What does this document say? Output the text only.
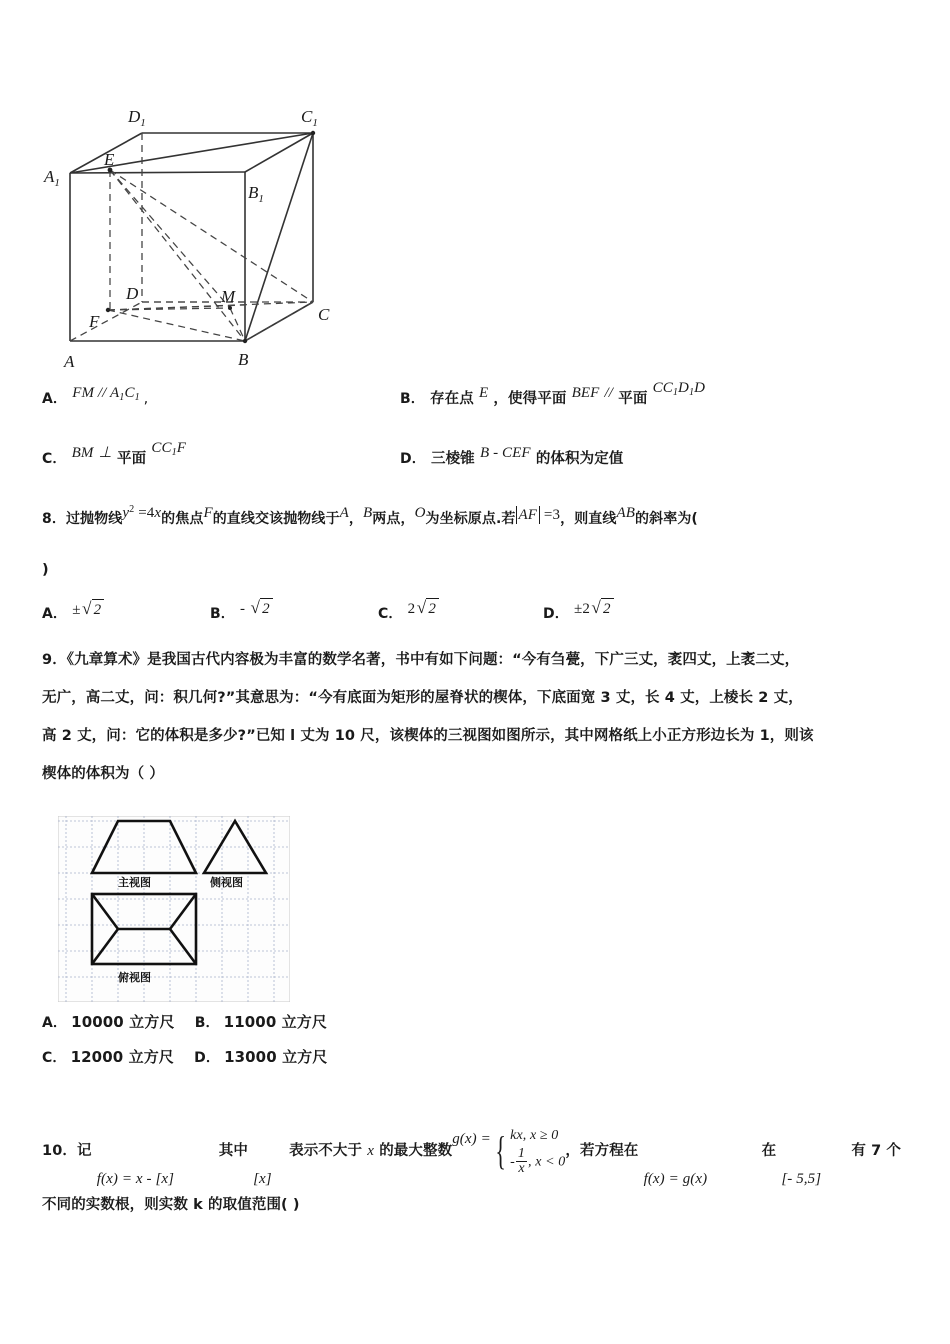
$A_1$	$B_1$
$C_1$
$D_1$
A	B
C
D
E
F
M
A． FM // $A_1C_1$ ,	B． 存在点 E ，使得平面 BEF // 平面 $CC_1D_1D$
C． BM ⊥ 平面 $CC_1F$
D． 三棱锥 B - CEF 的体积为定值
8．过抛物线$y^2 =4x$的焦点F的直线交该抛物线于A，B两点，O为坐标原点.若 AF =3，则直线AB的斜率为(
)
A． ±√ 2	B． - √ 2	C． 2√ 2	D． ±2√ 2
9．《九章算术》是我国古代内容极为丰富的数学名著，书中有如下问题：“今有刍甍，下广三丈，袤四丈，上袤二丈，
无广，高二丈，问：积几何?”其意思为：“今有底面为矩形的屋脊状的楔体，下底面宽 3 丈，长 4 丈，上棱长 2 丈，
高 2 丈，问：它的体积是多少?”已知 l 丈为 10 尺，该楔体的三视图如图所示，其中网格纸上小正方形边长为 1，则该
楔体的体积为（ ）
主视图	侧视图
俯视图
A． 10000 立方尺 B． 11000 立方尺
C． 12000 立方尺 D． 13000 立方尺
10．记
f(x) = x - [x]
其中
[x]
表示不大于 x 的最大整数g(x) = { kx, x ≥ 0
- $\frac{1}{x}$ , x < 0
，若方程在
f(x) = g(x)
在
[- 5,5]
有 7 个
不同的实数根，则实数 k 的取值范围( )
